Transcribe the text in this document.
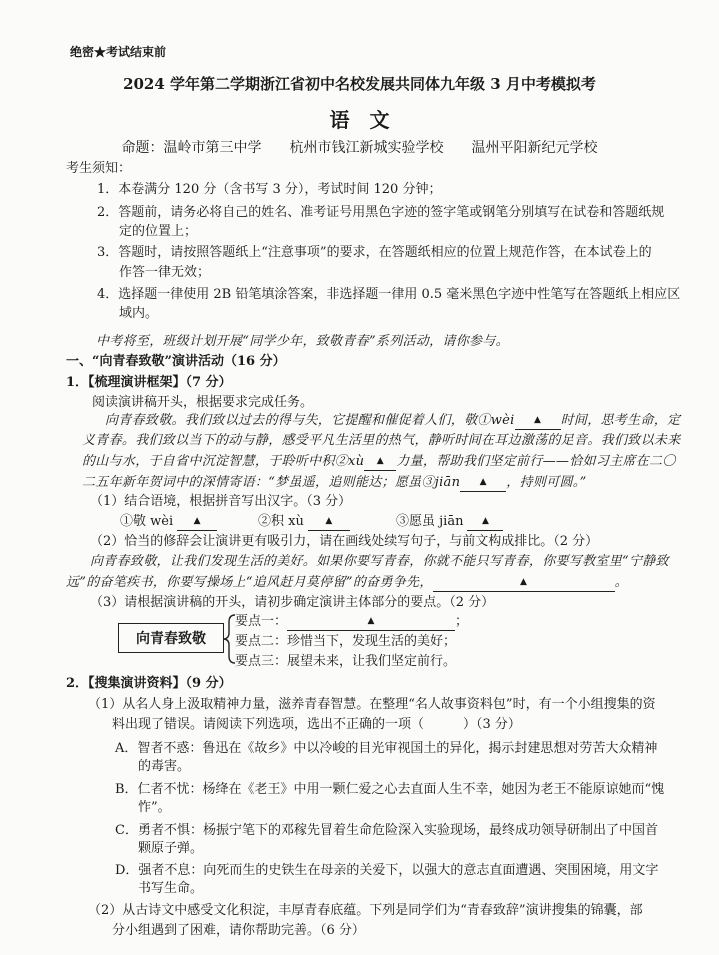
绝密★考试结束前
2024 学年第二学期浙江省初中名校发展共同体九年级 3 月中考模拟考
语　文
命题：温岭市第三中学　　杭州市钱江新城实验学校　　温州平阳新纪元学校
考生须知：
1．本卷满分 120 分（含书写 3 分），考试时间 120 分钟；
2．答题前，请务必将自己的姓名、准考证号用黑色字迹的签字笔或钢笔分别填写在试卷和答题纸规
定的位置上；
3．答题时，请按照答题纸上“注意事项”的要求，在答题纸相应的位置上规范作答，在本试卷上的
作答一律无效；
4．选择题一律使用 2B 铅笔填涂答案，非选择题一律用 0.5 毫米黑色字迹中性笔写在答题纸上相应区
域内。
中考将至，班级计划开展“同学少年，致敬青春”系列活动，请你参与。
一、“向青春致敬”演讲活动（16 分）
1．【梳理演讲框架】（7 分）
阅读演讲稿开头，根据要求完成任务。
向青春致敬。我们致以过去的得与失，它提醒和催促着人们，敬①wèi ▲ 时间，思考生命，定
义青春。我们致以当下的动与静，感受平凡生活里的热气，静听时间在耳边激荡的足音。我们致以未来
的山与水，于自省中沉淀智慧，于聆听中积②xù ▲ 力量，帮助我们坚定前行——恰如习主席在二〇
二五年新年贺词中的深情寄语：“梦虽遥，追则能达；愿虽③jiān ▲ ，持则可圆。”
（1）结合语境，根据拼音写出汉字。（3 分）
①敬 wèi ▲	②积 xù ▲	③愿虽 jiān ▲
（2）恰当的修辞会让演讲更有吸引力，请在画线处续写句子，与前文构成排比。（2 分）
向青春致敬，让我们发现生活的美好。如果你要写青春，你就不能只写青春，你要写教室里“宁静致
远”的奋笔疾书，你要写操场上“追风赶月莫停留”的奋勇争先，	▲	。
（3）请根据演讲稿的开头，请初步确定演讲主体部分的要点。（2 分）
向青春致敬
要点一：	▲	；
要点二：珍惜当下，发现生活的美好；
要点三：展望未来，让我们坚定前行。
2．【搜集演讲资料】（9 分）
（1）从名人身上汲取精神力量，滋养青春智慧。在整理“名人故事资料包”时，有一个小组搜集的资
料出现了错误。请阅读下列选项，选出不正确的一项（　　　）（3 分）
A．智者不惑：鲁迅在《故乡》中以冷峻的目光审视国土的异化，揭示封建思想对劳苦大众精神
的毒害。
B．仁者不忧：杨绛在《老王》中用一颗仁爱之心去直面人生不幸，她因为老王不能原谅她而“愧
怍”。
C．勇者不惧：杨振宁笔下的邓稼先冒着生命危险深入实验现场，最终成功领导研制出了中国首
颗原子弹。
D．强者不息：向死而生的史铁生在母亲的关爱下，以强大的意志直面遭遇、突围困境，用文字
书写生命。
（2）从古诗文中感受文化积淀，丰厚青春底蕴。下列是同学们为“青春致辞”演讲搜集的锦囊，部
分小组遇到了困难，请你帮助完善。（6 分）
